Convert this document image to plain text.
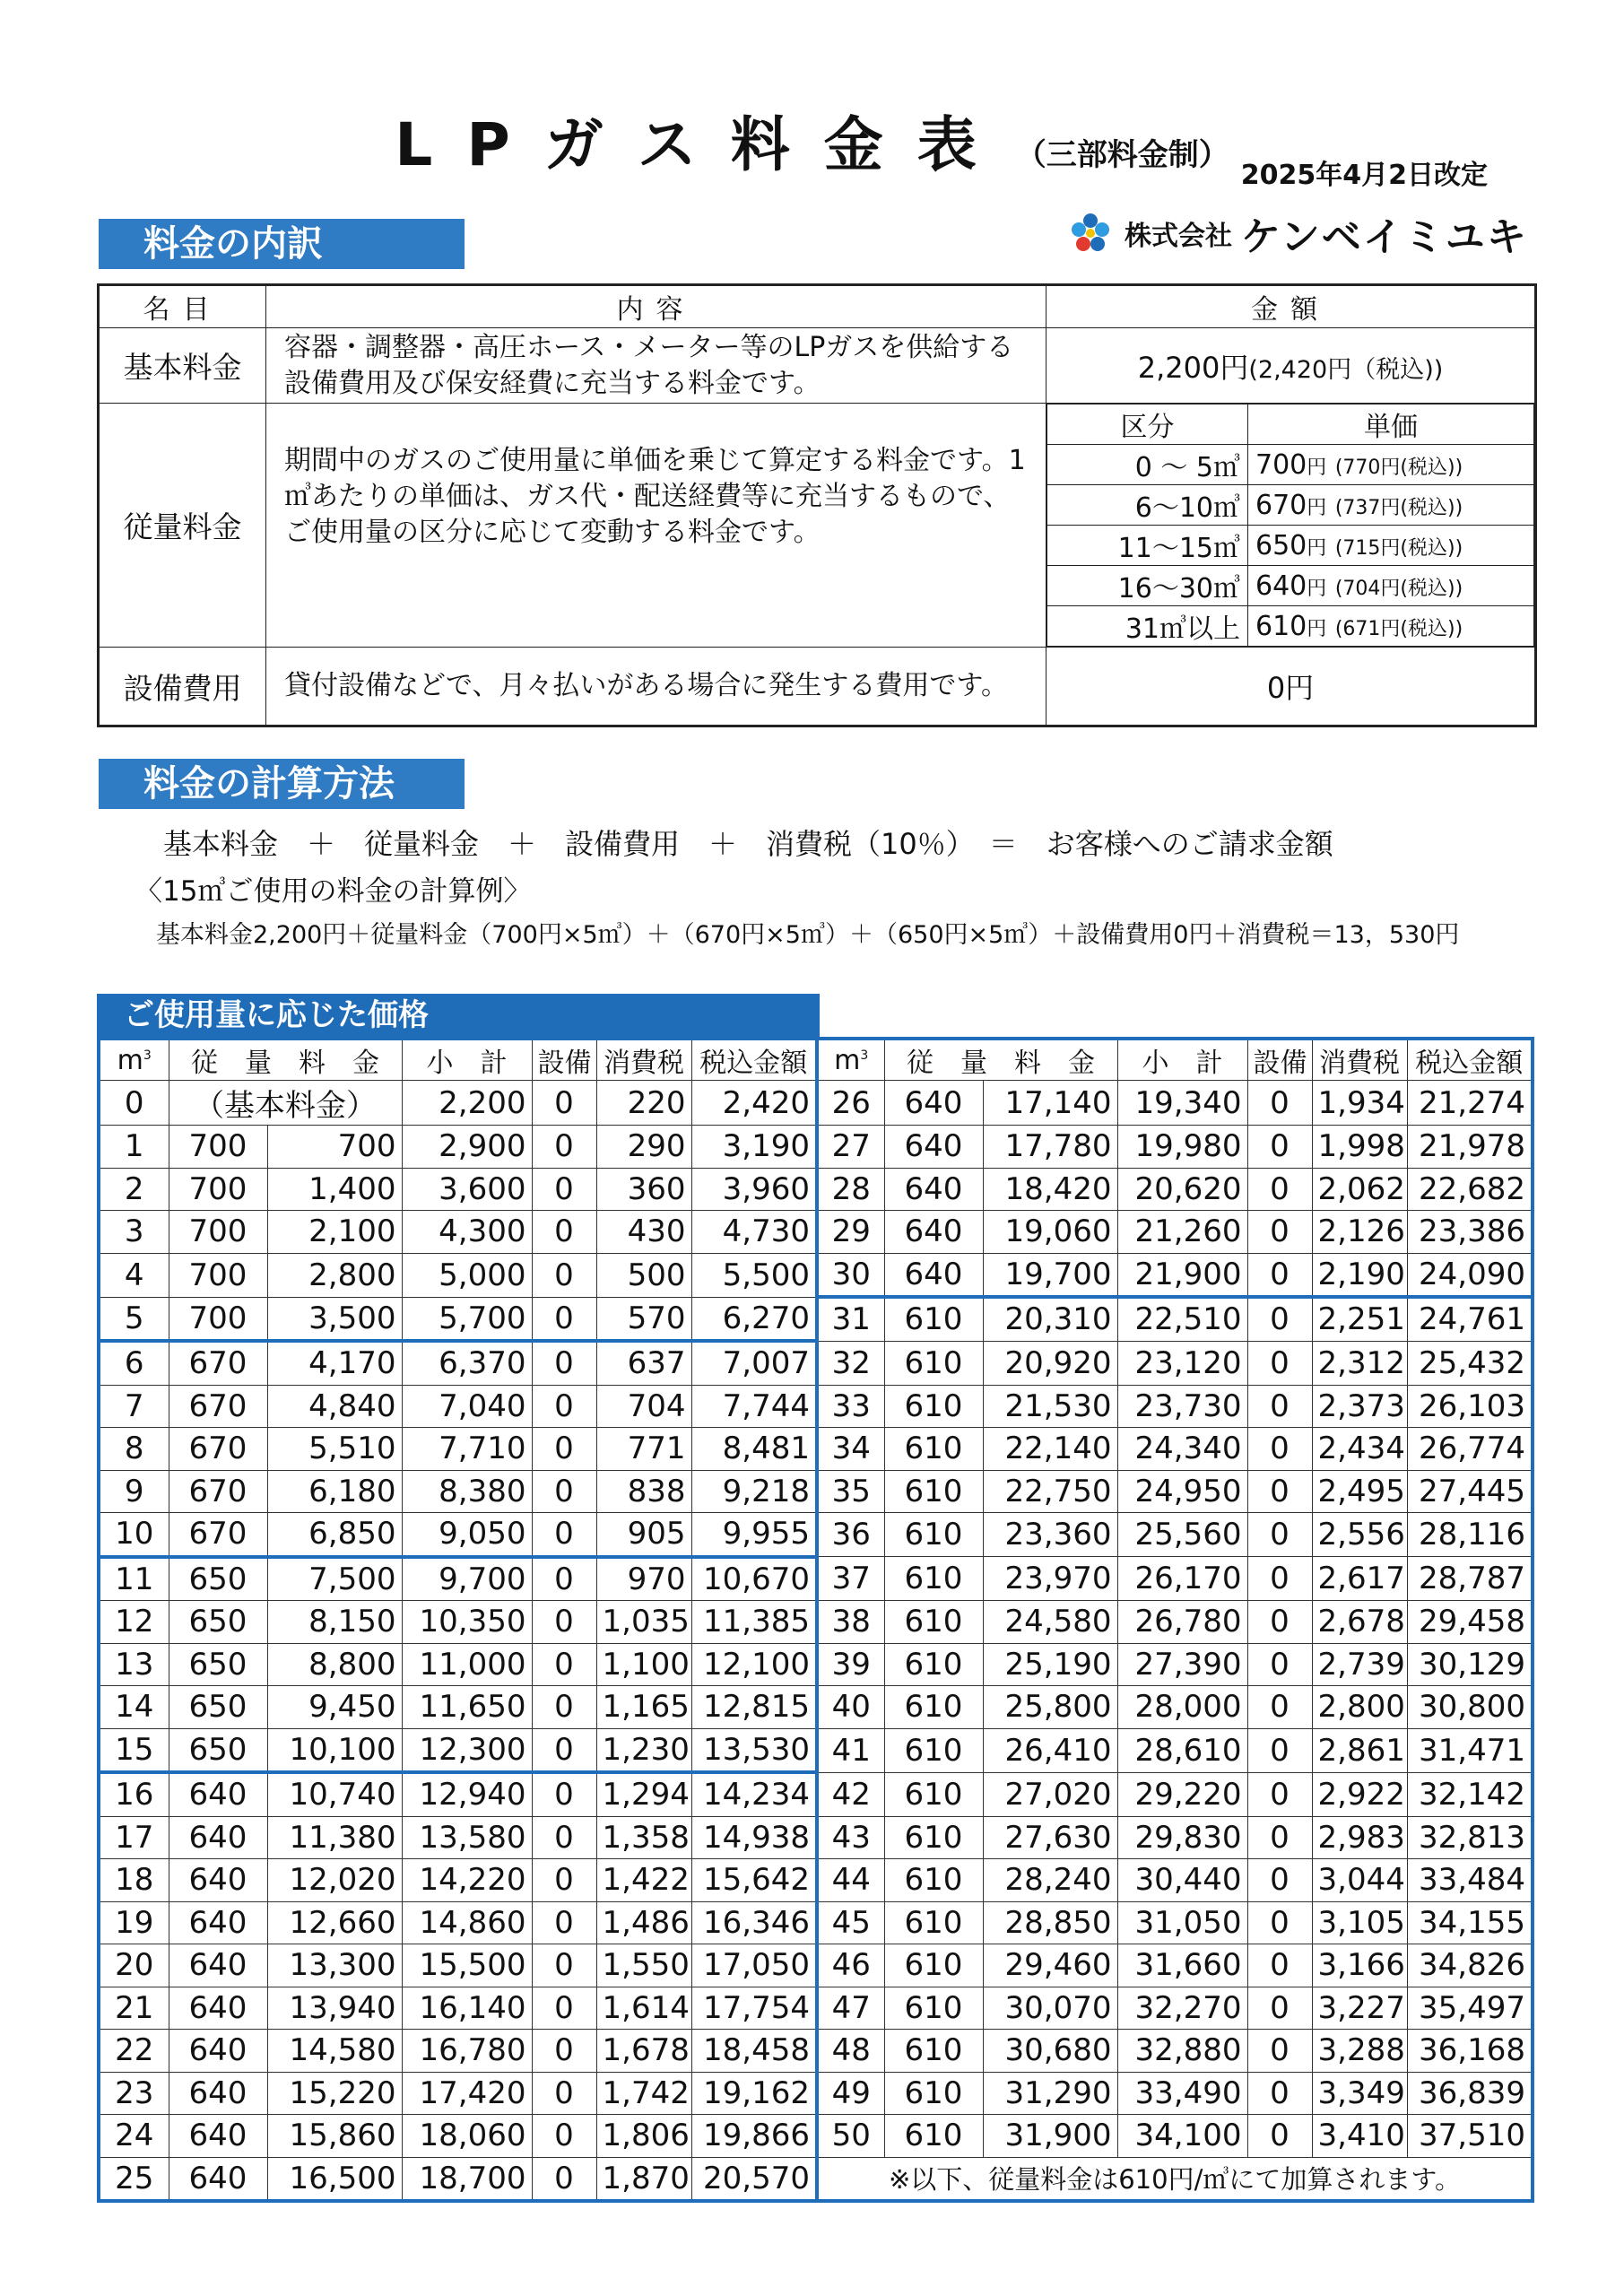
LPガス料金表 （三部料金制）
2025年4月2日改定
料金の内訳	株式会社 ケンベイミユキ
名目	内容	金額
基本料金	容器・調整器・高圧ホース・メーター等のLPガスを供給する設備費用及び保安経費に充当する料金です。	2,200円(2,420円（税込))
従量料金	期間中のガスのご使用量に単価を乗じて算定する料金です。1㎥あたりの単価は、ガス代・配送経費等に充当するもので、ご使用量の区分に応じて変動する料金です。	
区分	単価
0 ～ 5㎥	700円 (770円(税込))
6～10㎥	670円 (737円(税込))
11～15㎥	650円 (715円(税込))
16～30㎥	640円 (704円(税込))
31㎥以上	610円 (671円(税込))

設備費用	貸付設備などで、月々払いがある場合に発生する費用です。	0円
料金の計算方法
基本料金　＋　従量料金　＋　設備費用　＋　消費税（10％）　＝　お客様へのご請求金額
〈15㎥ご使用の料金の計算例〉
基本料金2,200円＋従量料金（700円×5㎥）＋（670円×5㎥）＋（650円×5㎥）＋設備費用0円＋消費税＝13，530円
ご使用量に応じた価格
$m^3$	従　量　料　金		小　計	設備	消費税	税込金額	$m^3$	従　量　料　金		小　計	設備	消費税	税込金額
0	（基本料金）		2,200	0	220	2,420	26	640	17,140	19,340	0	1,934	21,274
1	700	700	2,900	0	290	3,190	27	640	17,780	19,980	0	1,998	21,978
2	700	1,400	3,600	0	360	3,960	28	640	18,420	20,620	0	2,062	22,682
3	700	2,100	4,300	0	430	4,730	29	640	19,060	21,260	0	2,126	23,386
4	700	2,800	5,000	0	500	5,500	30	640	19,700	21,900	0	2,190	24,090
5	700	3,500	5,700	0	570	6,270	31	610	20,310	22,510	0	2,251	24,761
6	670	4,170	6,370	0	637	7,007	32	610	20,920	23,120	0	2,312	25,432
7	670	4,840	7,040	0	704	7,744	33	610	21,530	23,730	0	2,373	26,103
8	670	5,510	7,710	0	771	8,481	34	610	22,140	24,340	0	2,434	26,774
9	670	6,180	8,380	0	838	9,218	35	610	22,750	24,950	0	2,495	27,445
10	670	6,850	9,050	0	905	9,955	36	610	23,360	25,560	0	2,556	28,116
11	650	7,500	9,700	0	970	10,670	37	610	23,970	26,170	0	2,617	28,787
12	650	8,150	10,350	0	1,035	11,385	38	610	24,580	26,780	0	2,678	29,458
13	650	8,800	11,000	0	1,100	12,100	39	610	25,190	27,390	0	2,739	30,129
14	650	9,450	11,650	0	1,165	12,815	40	610	25,800	28,000	0	2,800	30,800
15	650	10,100	12,300	0	1,230	13,530	41	610	26,410	28,610	0	2,861	31,471
16	640	10,740	12,940	0	1,294	14,234	42	610	27,020	29,220	0	2,922	32,142
17	640	11,380	13,580	0	1,358	14,938	43	610	27,630	29,830	0	2,983	32,813
18	640	12,020	14,220	0	1,422	15,642	44	610	28,240	30,440	0	3,044	33,484
19	640	12,660	14,860	0	1,486	16,346	45	610	28,850	31,050	0	3,105	34,155
20	640	13,300	15,500	0	1,550	17,050	46	610	29,460	31,660	0	3,166	34,826
21	640	13,940	16,140	0	1,614	17,754	47	610	30,070	32,270	0	3,227	35,497
22	640	14,580	16,780	0	1,678	18,458	48	610	30,680	32,880	0	3,288	36,168
23	640	15,220	17,420	0	1,742	19,162	49	610	31,290	33,490	0	3,349	36,839
24	640	15,860	18,060	0	1,806	19,866	50	610	31,900	34,100	0	3,410	37,510
25	640	16,500	18,700	0	1,870	20,570	※以下、従量料金は610円/㎥にて加算されます。						
